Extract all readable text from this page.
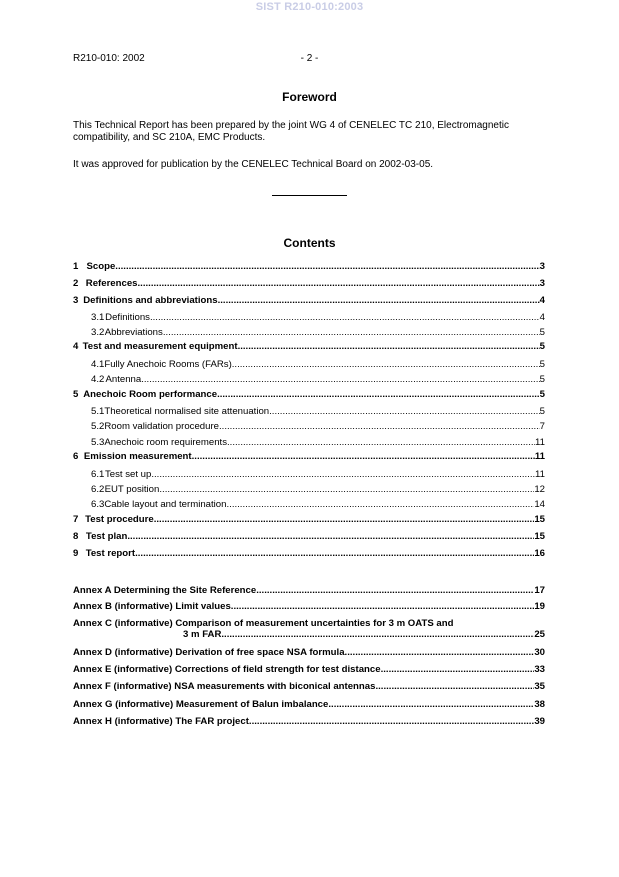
SIST R210-010:2003
R210-010: 2002	- 2 -
Foreword
This Technical Report has been prepared by the joint WG 4 of CENELEC TC 210, Electromagnetic compatibility, and SC 210A, EMC Products.
It was approved for publication by the CENELEC Technical Board on 2002-03-05.
Contents
1 Scope .....	3
2 References .....	3
3 Definitions and abbreviations .....	4
3.1 Definitions .....	4
3.2 Abbreviations .....	5
4 Test and measurement equipment .....	5
4.1 Fully Anechoic Rooms (FARs) .....	5
4.2 Antenna .....	5
5 Anechoic Room performance .....	5
5.1 Theoretical normalised site attenuation .....	5
5.2 Room validation procedure .....	7
5.3 Anechoic room requirements .....	11
6 Emission measurement .....	11
6.1 Test set up .....	11
6.2 EUT position .....	12
6.3 Cable layout and termination .....	14
7 Test procedure .....	15
8 Test plan .....	15
9 Test report .....	16
Annex A Determining the Site Reference .....	17
Annex B (informative) Limit values .....	19
Annex C (informative) Comparison of measurement uncertainties for 3 m OATS and
3 m FAR .....	25
Annex D (informative) Derivation of free space NSA formula .....	30
Annex E (informative) Corrections of field strength for test distance .....	33
Annex F (informative) NSA measurements with biconical antennas .....	35
Annex G (informative) Measurement of Balun imbalance .....	38
Annex H (informative) The FAR project .....	39
